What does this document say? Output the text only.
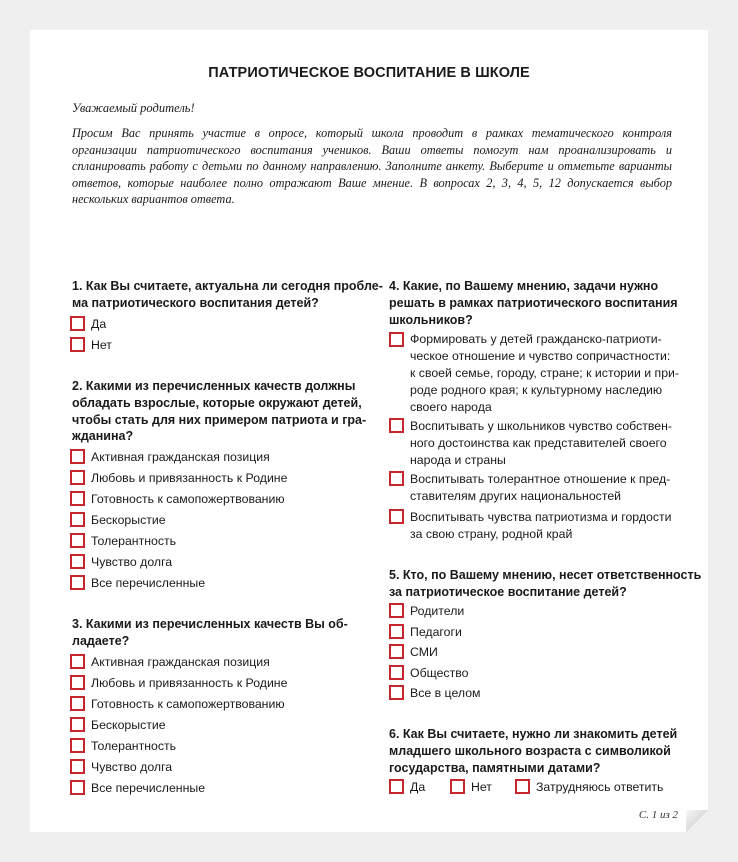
ПАТРИОТИЧЕСКОЕ ВОСПИТАНИЕ В ШКОЛЕ
Уважаемый родитель!
Просим Вас принять участие в опросе, который школа проводит в рамках тематического контроля организации патриотического воспитания учеников. Ваши ответы помогут нам проанализировать и спланировать работу с детьми по данному направлению. Заполните анкету. Выберите и отметьте варианты ответов, которые наиболее полно отражают Ваше мнение. В вопросах 2, 3, 4, 5, 12 допускается выбор нескольких вариантов ответа.
1. Как Вы считаете, актуальна ли сегодня пробле-
ма патриотического воспитания детей?
Да
Нет
2. Какими из перечисленных качеств должны
обладать взрослые, которые окружают детей,
чтобы стать для них примером патриота и гра-
жданина?
Активная гражданская позиция
Любовь и привязанность к Родине
Готовность к самопожертвованию
Бескорыстие
Толерантность
Чувство долга
Все перечисленные
3. Какими из перечисленных качеств Вы об-
ладаете?
Активная гражданская позиция
Любовь и привязанность к Родине
Готовность к самопожертвованию
Бескорыстие
Толерантность
Чувство долга
Все перечисленные
4. Какие, по Вашему мнению, задачи нужно
решать в рамках патриотического воспитания
школьников?
Формировать у детей гражданско-патриоти-
ческое отношение и чувство сопричастности:
к своей семье, городу, стране; к истории и при-
роде родного края; к культурному наследию
своего народа
Воспитывать у школьников чувство собствен-
ного достоинства как представителей своего
народа и страны
Воспитывать толерантное отношение к пред-
ставителям других национальностей
Воспитывать чувства патриотизма и гордости
за свою страну, родной край
5. Кто, по Вашему мнению, несет ответственность
за патриотическое воспитание детей?
Родители
Педагоги
СМИ
Общество
Все в целом
6. Как Вы считаете, нужно ли знакомить детей
младшего школьного возраста с символикой
государства, памятными датами?
Да	Нет	Затрудняюсь ответить
С. 1 из 2
